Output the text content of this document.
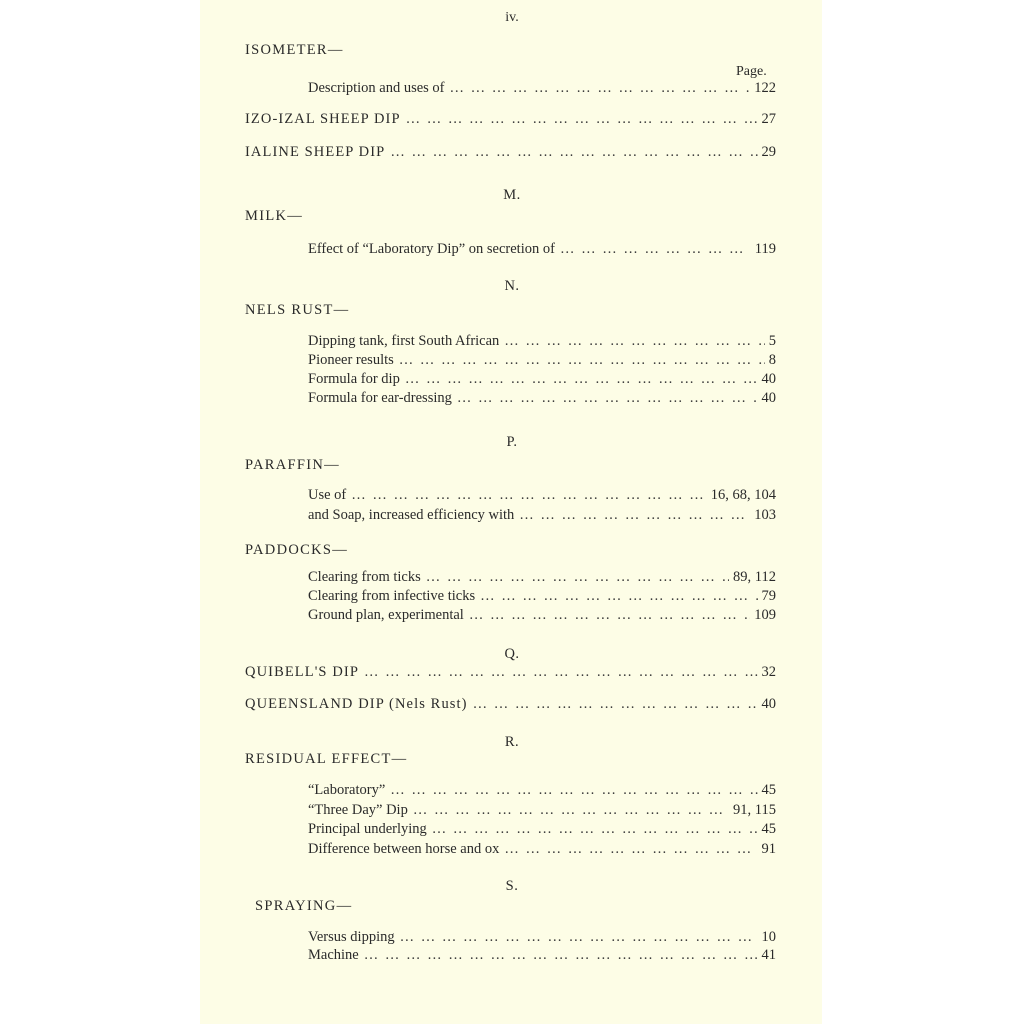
iv.
ISOMETER—
Page.
Description and uses of … … … … … … … … … … … … … … … … … … … … … … … … … … … … … … … … … … … … … … … … … … … … …	122
IZO-IZAL SHEEP DIP … … … … … … … … … … … … … … … … … … … … … … … … … … … … … … … … … … … … … … … … … … … … …	27
IALINE SHEEP DIP … … … … … … … … … … … … … … … … … … … … … … … … … … … … … … … … … … … … … … … … … … … … …	29
M.
MILK—
Effect of “Laboratory Dip” on secretion of … … … … … … … … … … … … … … … … … … … … … … … … … … … … … … … … … … … … … … … … … … … … …	119
N.
NELS RUST—
Dipping tank, first South African … … … … … … … … … … … … … … … … … … … … … … … … … … … … … … … … … … … … … … … … … … … … …	5
Pioneer results … … … … … … … … … … … … … … … … … … … … … … … … … … … … … … … … … … … … … … … … … … … … …	8
Formula for dip … … … … … … … … … … … … … … … … … … … … … … … … … … … … … … … … … … … … … … … … … … … … …	40
Formula for ear-dressing … … … … … … … … … … … … … … … … … … … … … … … … … … … … … … … … … … … … … … … … … … … … …	40
P.
PARAFFIN—
Use of … … … … … … … … … … … … … … … … … … … … … … … … … … … … … … … … … … … … … … … … … … … … …	16, 68, 104
and Soap, increased efficiency with … … … … … … … … … … … … … … … … … … … … … … … … … … … … … … … … … … … … … … … … … … … … …	103
PADDOCKS—
Clearing from ticks … … … … … … … … … … … … … … … … … … … … … … … … … … … … … … … … … … … … … … … … … … … … …	89, 112
Clearing from infective ticks … … … … … … … … … … … … … … … … … … … … … … … … … … … … … … … … … … … … … … … … … … … … …	79
Ground plan, experimental … … … … … … … … … … … … … … … … … … … … … … … … … … … … … … … … … … … … … … … … … … … … …	109
Q.
QUIBELL'S DIP … … … … … … … … … … … … … … … … … … … … … … … … … … … … … … … … … … … … … … … … … … … … …	32
QUEENSLAND DIP (Nels Rust) … … … … … … … … … … … … … … … … … … … … … … … … … … … … … … … … … … … … … … … … … … … … …	40
R.
RESIDUAL EFFECT—
“Laboratory” … … … … … … … … … … … … … … … … … … … … … … … … … … … … … … … … … … … … … … … … … … … … …	45
“Three Day” Dip … … … … … … … … … … … … … … … … … … … … … … … … … … … … … … … … … … … … … … … … … … … … …	91, 115
Principal underlying … … … … … … … … … … … … … … … … … … … … … … … … … … … … … … … … … … … … … … … … … … … … …	45
Difference between horse and ox … … … … … … … … … … … … … … … … … … … … … … … … … … … … … … … … … … … … … … … … … … … … …	91
S.
SPRAYING—
Versus dipping … … … … … … … … … … … … … … … … … … … … … … … … … … … … … … … … … … … … … … … … … … … … …	10
Machine … … … … … … … … … … … … … … … … … … … … … … … … … … … … … … … … … … … … … … … … … … … … …	41
